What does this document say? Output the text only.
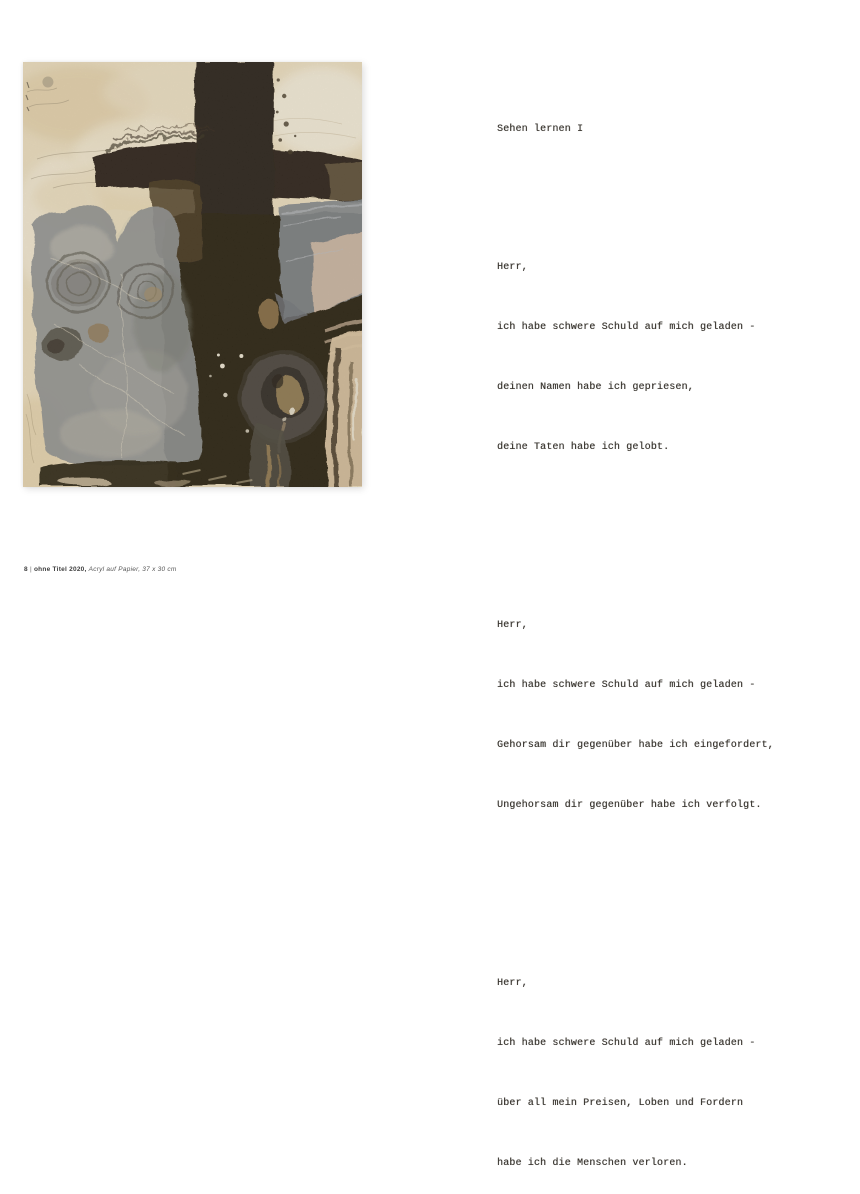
8 | ohne Titel 2020, Acryl auf Papier, 37 x 30 cm

Sehen lernen I

Herr,

ich habe schwere Schuld auf mich geladen -

deinen Namen habe ich gepriesen,

deine Taten habe ich gelobt.

Herr,

ich habe schwere Schuld auf mich geladen -

Gehorsam dir gegenüber habe ich eingefordert,

Ungehorsam dir gegenüber habe ich verfolgt.

Herr,

ich habe schwere Schuld auf mich geladen -

über all mein Preisen, Loben und Fordern

habe ich die Menschen verloren.
